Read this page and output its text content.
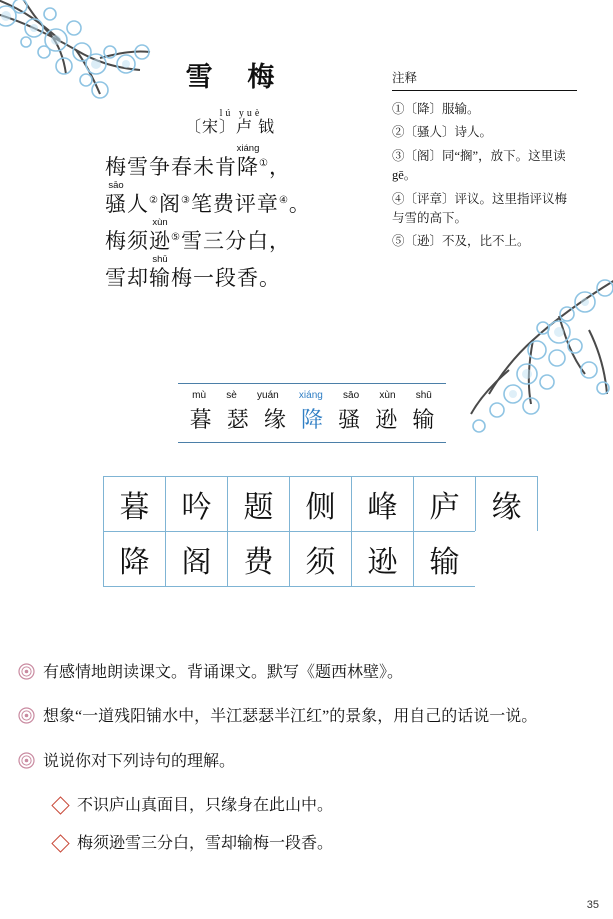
雪 梅
lú yuè
〔宋〕卢 钺
梅雪争春未肯
xiáng
降①，
sāo
骚人②阁③笔费评章④。
梅须
xùn
逊⑤雪三分白，
雪却
shū
输梅一段香。
注释
①〔降〕服输。
②〔骚人〕诗人。
③〔阁〕同“搁”，放下。这里读 gē。
④〔评章〕评议。这里指评议梅与雪的高下。
⑤〔逊〕不及，比不上。
mù sè yuán xiáng sāo xùn shū
暮 瑟 缘 降 骚 逊 输
暮 吟 题 侧 峰 庐 缘
降 阁 费 须 逊 输
有感情地朗读课文。背诵课文。默写《题西林壁》。
想象“一道残阳铺水中，半江瑟瑟半江红”的景象，用自己的话说一说。
说说你对下列诗句的理解。
不识庐山真面目，只缘身在此山中。
梅须逊雪三分白，雪却输梅一段香。
35
